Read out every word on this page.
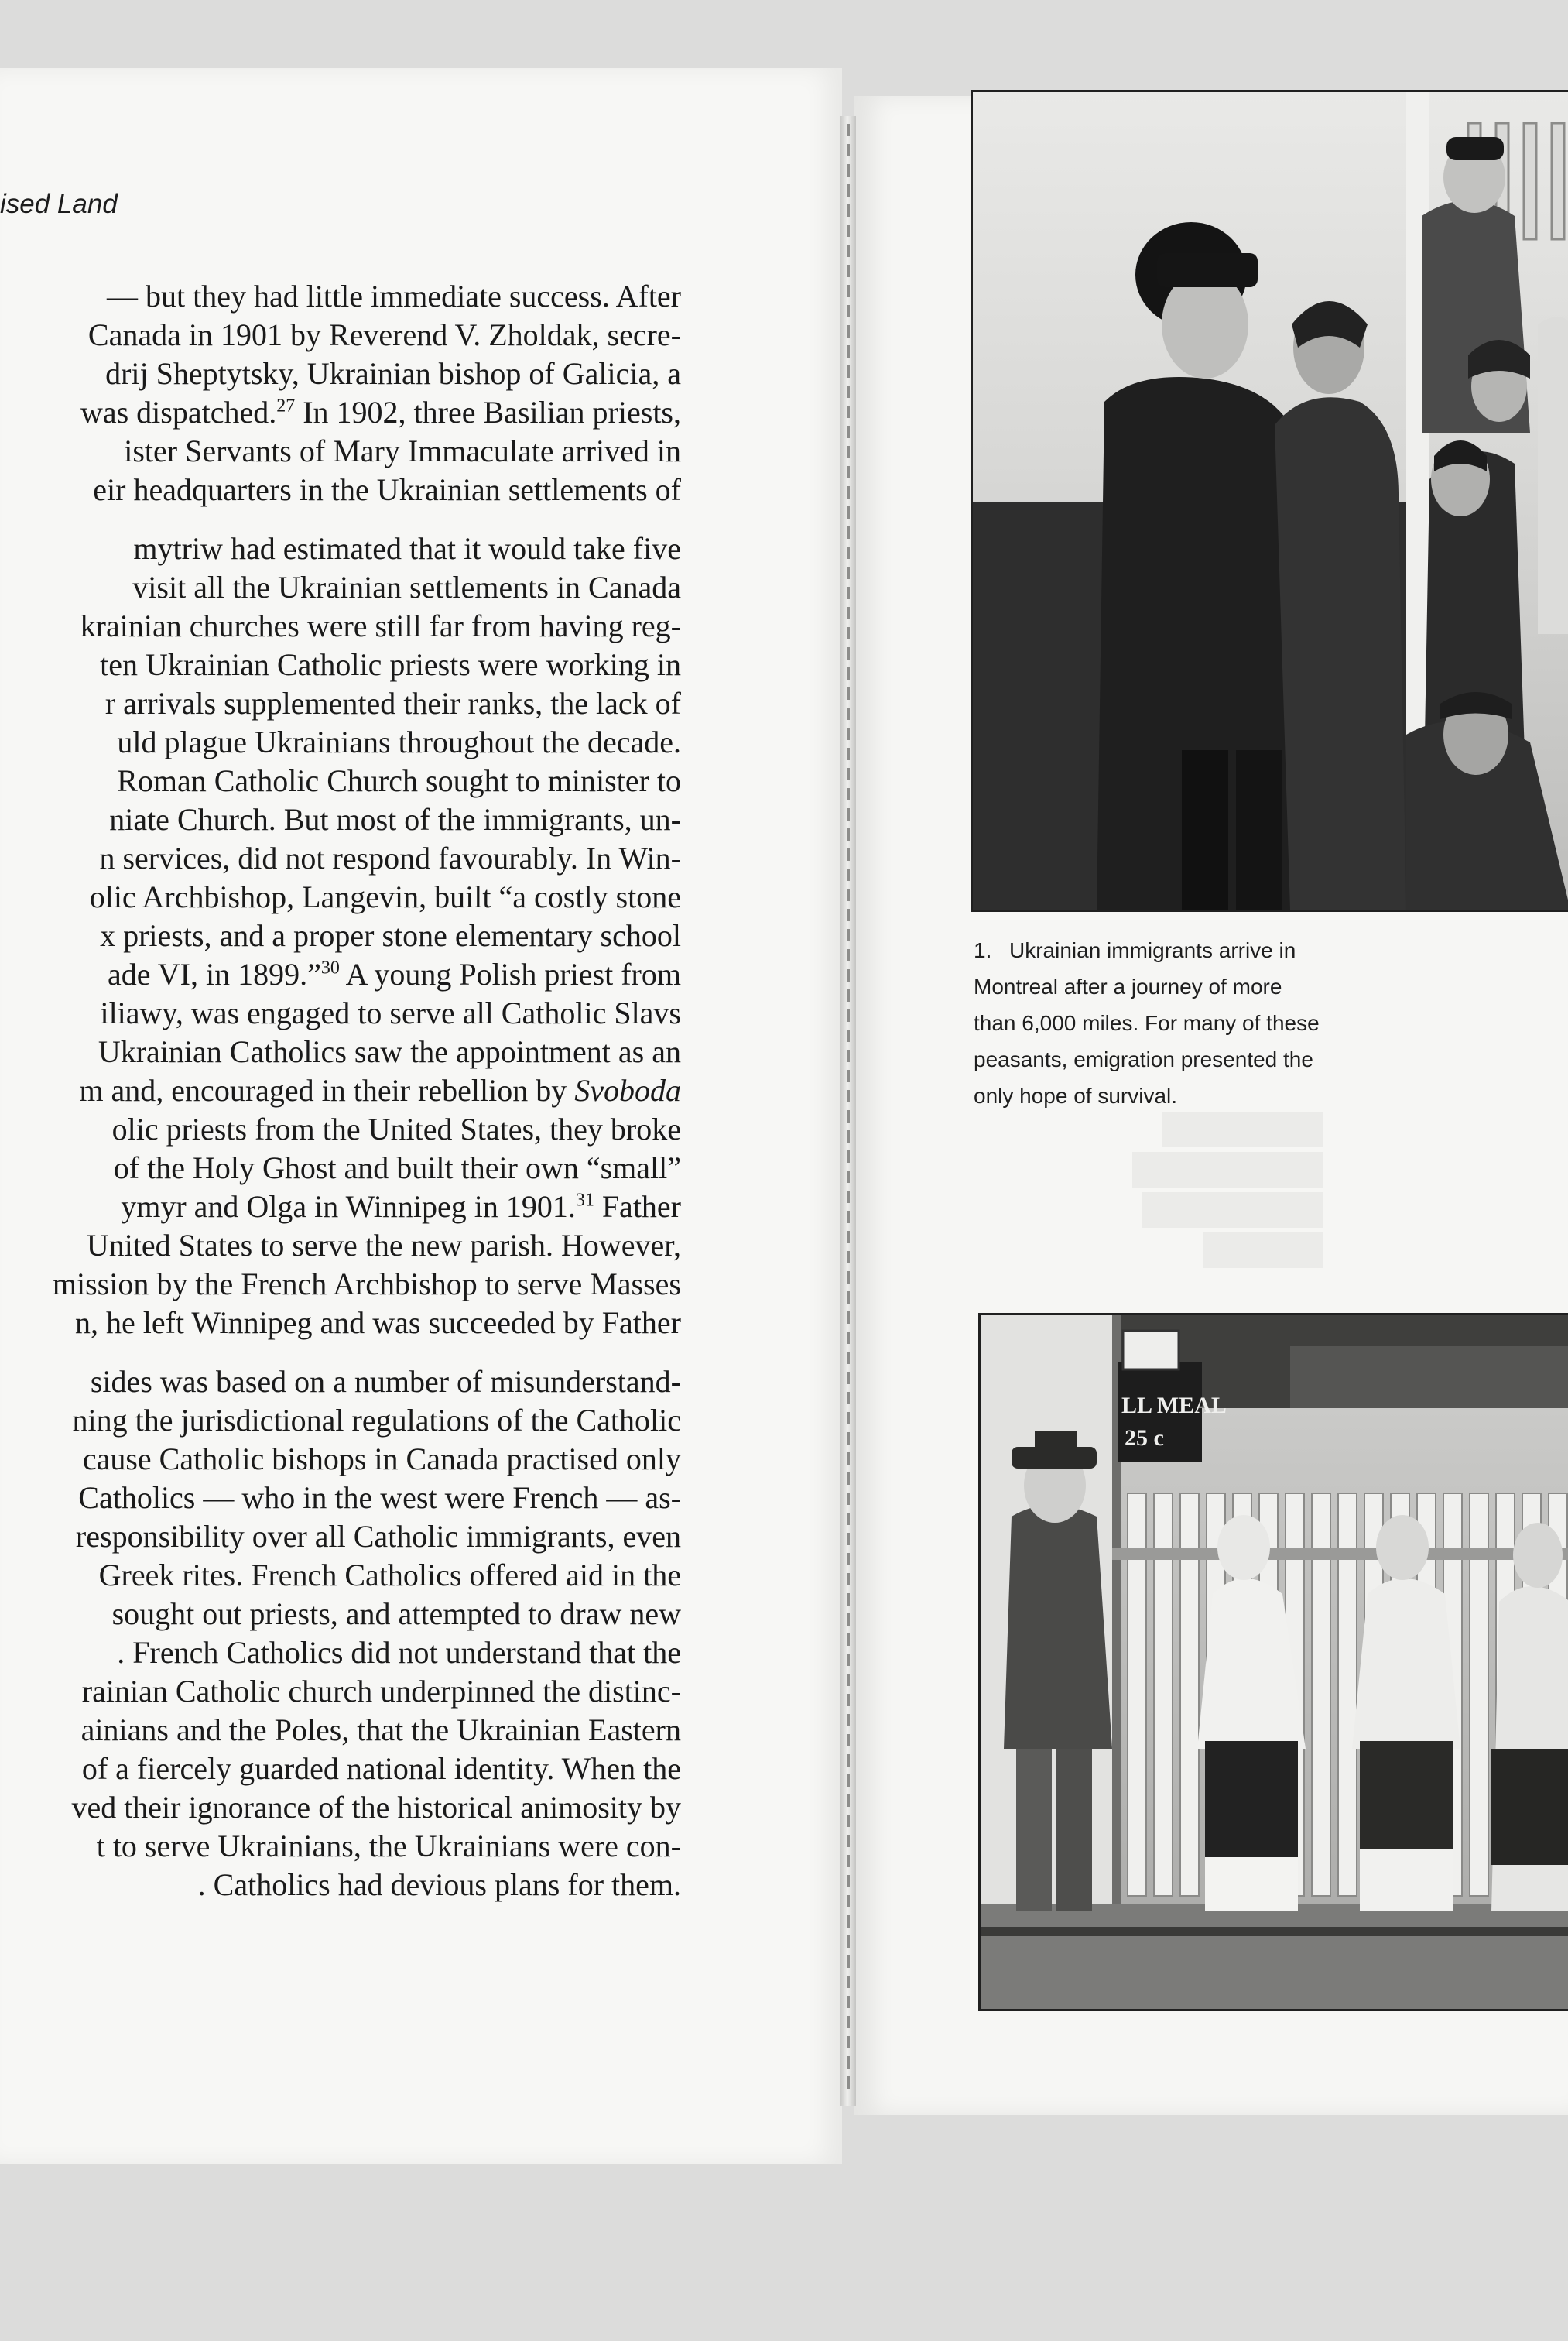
ised Land
— but they had little immediate success. After
Canada in 1901 by Reverend V. Zholdak, secre-
drij Sheptytsky, Ukrainian bishop of Galicia, a
was dispatched.$^{27}$ In 1902, three Basilian priests,
ister Servants of Mary Immaculate arrived in
eir headquarters in the Ukrainian settlements of
mytriw had estimated that it would take five
visit all the Ukrainian settlements in Canada
krainian churches were still far from having reg-
ten Ukrainian Catholic priests were working in
r arrivals supplemented their ranks, the lack of
uld plague Ukrainians throughout the decade.
Roman Catholic Church sought to minister to
niate Church. But most of the immigrants, un-
n services, did not respond favourably. In Win-
olic Archbishop, Langevin, built “a costly stone
x priests, and a proper stone elementary school
ade VI, in 1899.”$^{30}$ A young Polish priest from
iliawy, was engaged to serve all Catholic Slavs
Ukrainian Catholics saw the appointment as an
m and, encouraged in their rebellion by Svoboda
olic priests from the United States, they broke
of the Holy Ghost and built their own “small”
ymyr and Olga in Winnipeg in 1901.31 Father
United States to serve the new parish. However,
mission by the French Archbishop to serve Masses
n, he left Winnipeg and was succeeded by Father
sides was based on a number of misunderstand-
ning the jurisdictional regulations of the Catholic
cause Catholic bishops in Canada practised only
Catholics — who in the west were French — as-
responsibility over all Catholic immigrants, even
Greek rites. French Catholics offered aid in the
sought out priests, and attempted to draw new
. French Catholics did not understand that the
rainian Catholic church underpinned the distinc-
ainians and the Poles, that the Ukrainian Eastern
of a fiercely guarded national identity. When the
ved their ignorance of the historical animosity by
t to serve Ukrainians, the Ukrainians were con-
. Catholics had devious plans for them.
1. Ukrainian immigrants arrive in
Montreal after a journey of more
than 6,000 miles. For many of these
peasants, emigration presented the
only hope of survival.
LL MEAL
25 c
